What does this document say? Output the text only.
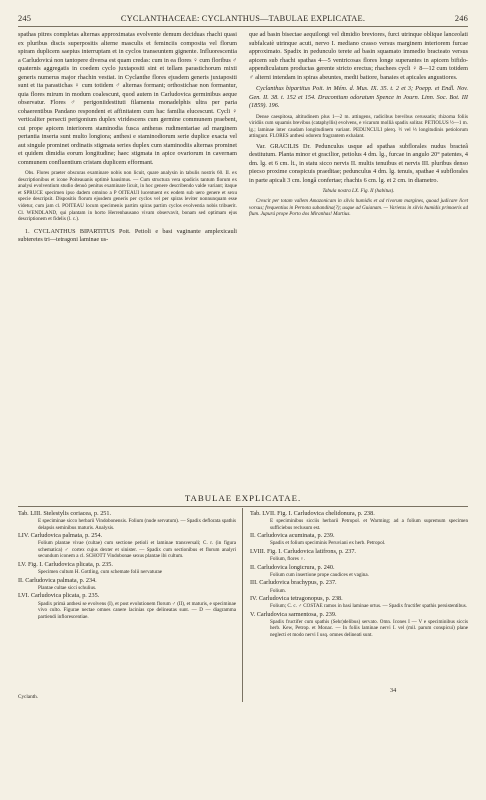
245	CYCLANTHACEAE: CYCLANTHUS—TABULAE EXPLICATAE.	246

spathas pitres completas alternas approximatas evolvente demum deciduas rhachi quasi ex pluribus discis superpositis alterne masculis et feminciis composita vel florum spiram duplicem saepius interruptam et in cyclos transeuntem gignente. Influorescentia a Carludovicá non tantopere diversa est quam credas: cum in ea flores ♀ cum floribus ♂ quaternis aggregatis in coedem cyclo juxtapositi sint et tellam parastichorum mixti generis numerus major rhachin vestiat. in Cyclanthe flores ejusdem generis juxtapositi sunt et ita parastichas ♀ cum totidem ♂ alternas formant; orthostichae non formantur, quia flores mirum in modum coalescunt, quod autem in Carludovica germinibus aeque observatur. Flores ♂ perigoniidestituti filamenta monadelphis ultra per paria cohaerentibus Pandano respondent et affinitatem cum hac familia elucescunt. Cycli ♀ verticaliter persecti perigonium duplex viridescens cum germine communem praebent, cui prope apicem interiorem staminodia fusca antheras rudimentariae ad marginem pertantia inserta sunt multo longiora; anthesi e staminodiorum serie duplice exacta vel aut singule prominet ordinatis stigmata series duplex cum staminodiis alternas prominet et quidem dimidia eorum longitudine; haec stigmata in apice ovariorum in cavernam communem confluentium cristam duplicem efformant.

Obs. Flores praeter obscuras examinare nobis non licuit, quare analysin in tabulis nostris 60. II. ex descriptionibus et icone Poiteauanis optimè hausimus. — Cum structura vera spadicis tantum florum ex analysi evolventium studio denuò penitus examinare licuit, in hoc genere describendo valde variant; itaque et SPRUCE specimen ipso dadem omnino a P OITEAUI lucentuent ex eodem sub uero genere et sexu specie descripsit. Dispositis florum ejusdem generis per cyclos vel per spiras leviter nonnunquam esse videtur, cum jam cl. POITEAU locum specimenis partim spiras partim cyclos evolventia nobis tribuerit. Cl. WENDLAND, qui plantam in horto Herrenhausano vivam observavit, bonam sed optimam ejus descriptionem et fidelis (l. c.).

1. CYCLANTHUS BIPARTITUS Poit. Petioli e basi vaginante amplexicauli subteretes tri—tetragoni laminae us-

que ad basin bisectae aequilongi vel dimidio breviores, furci utrinque oblique lanceolati subfalcatè utrinque acuti, nervo I. mediano crasso versus marginem interiorem furcae approximato. Spadix in pedunculo terete ad basin squamato immedio bracteato versus apicem sub rhachi spathas 4—5 ventricosas flores longe superantes in apicem bifido-appendiculatum productas gerente stricto erectus; rhachees cycli ♀ 8—12 cum totidem ♂ alterni intendam in spiras abeuntes, medii batiore, banaies et apicales angustiores.

Cyclanthus bipartitus Poit. in Mém. d. Mus. IX. 35. t. 2 et 3; Poepp. et Endl. Nov. Gen. II. 38. t. 152 et 154. Dracontium odoratum Spence in Journ. Linn. Soc. Bot. III (1859). 196.

Dense caespitosa, altitudinem plus 1—2 m. attingens, radicibus brevibus cerussatis; rhizoma foliis viridiis cum squamis brevibus (cataphyllis) evolvens, e vicarum mollià spadix solitar. PETIOLUS ½—1 m. lg.; laminae inter caudam longitudinem variant. PEDUNCULI plerq. ½ vel ⅓ longitudinis petiolorum attingunt. FLORES anthesi odorem fragrantem exhalant.

Var. GRACILIS Dr. Pedunculus usque ad spathas subflorales nudus bracteâ destitutum. Planta minor et gracilior, petiolus 4 dm. lg., furcae in angulo 20° patentes, 4 dm. lg. et 6 cm. lt., in statu sicco nervis II. multis tenuibus et nervis III. pluribus denso piecso proxime conspicuis praeditae; pedunculus 4 dm. lg. tenuis, spathae 4 subflorales in parte apicali 3 cm. longâ confertae; rhachis 6 cm. lg. et 2 cm. in diametro.

Tabula nostra LX. Fig. II (habitus).

Crescit per totam vallem Amazonicam in silvis humidis et ad rivorum margines, quoad judicare licet vorsus; frequentius in Pernota subandina(?); usque ad Guianam. — Varietas in silvis humidis primaeris ad flum. Jupurá prope Porto dos Miranhas! Martius.

TABULAE EXPLICATAE.

Tab. LIII. Stelestylis coriacea, p. 251.

E speciminae sicco herbarii Vindobonensis. Folium (nude servatum). — Spadix deflorata spathis delapsis seminibus maturis. Analysis.

LIV. Carludovica palmata, p. 254.

Folium plantae vivae (cultae) cum sectione petioli et laminae transversali; C. r. (in figura schematica) ♂ cortex cujus dexter et sinister. — Spadix cum sectionibus et florum analyri secundum iconem a cl. SCHOTT Vindobonae sexus plantae ibi cultum.

LV. Fig. I. Carludovica plicata, p. 235.

Specimen cultum H. Gottling, cum schemate folii nervaturae

II. Carludovica palmata, p. 234.

Plantae cultae sicci schulius.

LVI. Carludovica plicata, p. 235.

Spadix primà anthesi se evolvens (I), et post evolutionem florum ♂ (II), et maturis, e speciminae vivo culto. Figurae nectae omnes canere lacinias cpe delineatas sunt. — D — diagramma partiendi inflorescentiae.

Tab. LVII. Fig. I. Carludovica chelidonura, p. 238.

E speciminibus sicciis herbarii Petropol. et Warming; ad a folium supremum specimen sufficiebus reclusum est.

II. Carludovica acuminata, p. 239.

Spadix et folium speciminis Peruviani ex herb. Petropol.

LVIII. Fig. I. Carludovica latifrons, p. 237.

Folium, flores ♀.

II. Carludovica longicrura, p. 240.

Folium cum insertione prope caudices et vagina.

III. Carludovica brachypus, p. 237.

Folium.

IV. Carludovica tetragonopus, p. 238.

Folium; C. c. ♂ COSTAE ramos in basi laminae ortus. — Spadix fructifer spathis persistentibus.

V. Carludovica sarmentosa, p. 239.

Spadix fructifer cum spathis (Sehr)delibus) servato. Omn. Icones I — V e speciminibus siccis herb. Kew, Petrop. et Monac. — In foliis laminae nervi I. vel (mil. parum conspicui) plane neglecti et modo nervi I usq. omnes delineati sunt.

Cyclanth.
34
